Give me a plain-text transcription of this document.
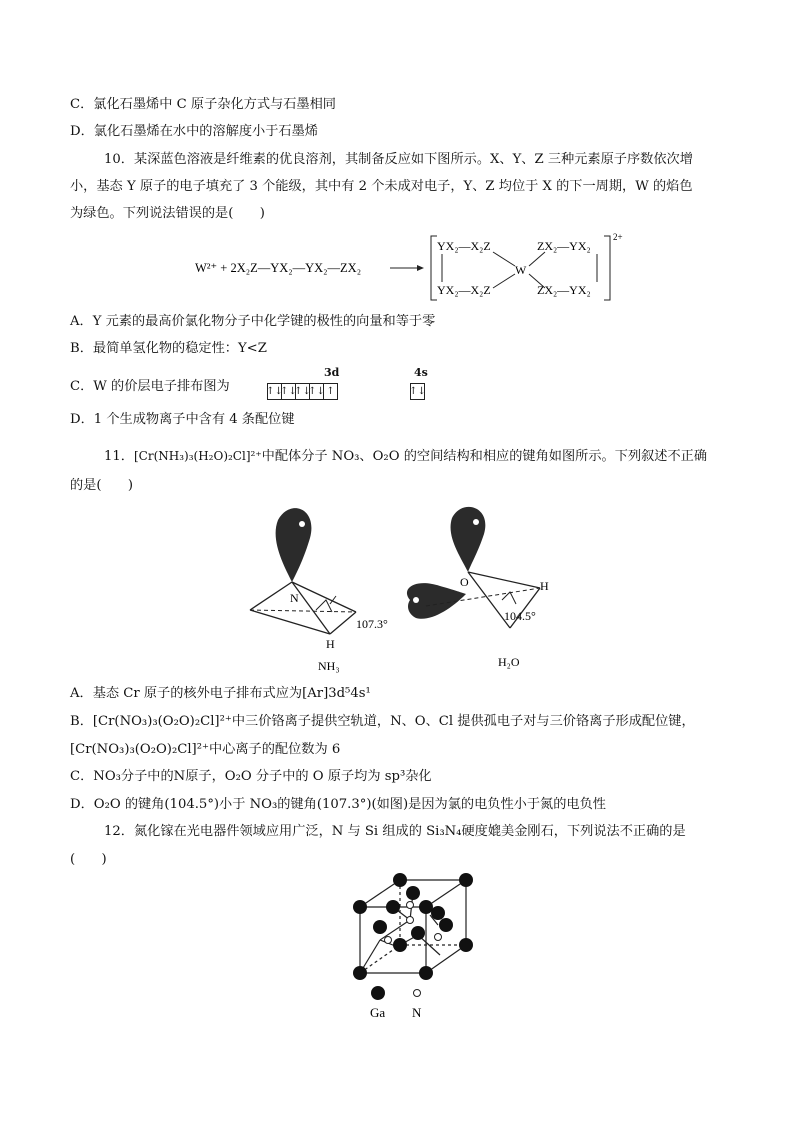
C．氯化石墨烯中 C 原子杂化方式与石墨相同
D．氯化石墨烯在水中的溶解度小于石墨烯
10．某深蓝色溶液是纤维素的优良溶剂，其制备反应如下图所示。X、Y、Z 三种元素原子序数依次增
小，基态 Y 原子的电子填充了 3 个能级，其中有 2 个未成对电子，Y、Z 均位于 X 的下一周期，W 的焰色
为绿色。下列说法错误的是(　　)
W²⁺ + 2X₂Z—YX₂—YX₂—ZX₂
YX₂—X₂Z
YX₂—X₂Z
W
ZX₂—YX₂
ZX₂—YX₂
2+
A．Y 元素的最高价氯化物分子中化学键的极性的向量和等于零
B．最简单氢化物的稳定性：Y<Z
C．W 的价层电子排布图为
3d	4s
↑↓
↑↓
↑↓
↑↓ ↑	↑↓
D．1 个生成物离子中含有 4 条配位键
11．[Cr(NH₃)₃(H₂O)₂Cl]²⁺中配体分子 NO₃、O₂O 的空间结构和相应的键角如图所示。下列叙述不正确
的是(　　)
N
H
107.3°
NH₃
O	H
104.5°
H₂O
A．基态 Cr 原子的核外电子排布式应为[Ar]3d⁵4s¹
B．[Cr(NO₃)₃(O₂O)₂Cl]²⁺中三价铬离子提供空轨道，N、O、Cl 提供孤电子对与三价铬离子形成配位键，
[Cr(NO₃)₃(O₂O)₂Cl]²⁺中心离子的配位数为 6
C．NO₃分子中的N原子，O₂O 分子中的 O 原子均为 sp³杂化
D．O₂O 的键角(104.5°)小于 NO₃的键角(107.3°)(如图)是因为氯的电负性小于氮的电负性
12．氮化镓在光电器件领域应用广泛，N 与 Si 组成的 Si₃N₄硬度媲美金刚石，下列说法不正确的是
(　　)
Ga N
